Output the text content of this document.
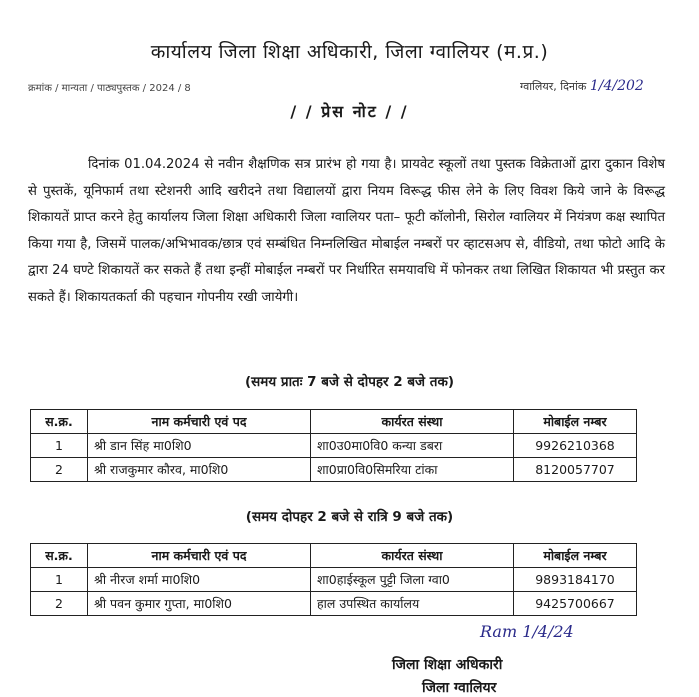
कार्यालय जिला शिक्षा अधिकारी, जिला ग्वालियर (म.प्र.)
क्रमांक / मान्यता / पाठ्यपुस्तक / 2024 / 8	ग्वालियर, दिनांक 1/4/202
/ / प्रेस नोट / /

दिनांक 01.04.2024 से नवीन शैक्षणिक सत्र प्रारंभ हो गया है। प्रायवेट स्कूलों तथा पुस्तक विक्रेताओं द्वारा दुकान विशेष से पुस्तकें, यूनिफार्म तथा स्टेशनरी आदि खरीदने तथा विद्यालयों द्वारा नियम विरूद्ध फीस लेने के लिए विवश किये जाने के विरूद्ध शिकायतें प्राप्त करने हेतु कार्यालय जिला शिक्षा अधिकारी जिला ग्वालियर पता– फूटी कॉलोनी, सिरोल ग्वालियर में नियंत्रण कक्ष स्थापित किया गया है, जिसमें पालक/अभिभावक/छात्र एवं सम्बंधित निम्नलिखित मोबाईल नम्बरों पर व्हाटसअप से, वीडियो, तथा फोटो आदि के द्वारा 24 घण्टे शिकायतें कर सकते हैं तथा इन्हीं मोबाईल नम्बरों पर निर्धारित समयावधि में फोनकर तथा लिखित शिकायत भी प्रस्तुत कर सकते हैं। शिकायतकर्ता की पहचान गोपनीय रखी जायेगी।

(समय प्रातः 7 बजे से दोपहर 2 बजे तक)
स.क्र.	नाम कर्मचारी एवं पद	कार्यरत संस्था	मोबाईल नम्बर
1	श्री डान सिंह मा0शि0	शा0उ0मा0वि0 कन्या डबरा	9926210368
2	श्री राजकुमार कौरव, मा0शि0	शा0प्रा0वि0सिमरिया टांका	8120057707
(समय दोपहर 2 बजे से रात्रि 9 बजे तक)
स.क्र.	नाम कर्मचारी एवं पद	कार्यरत संस्था	मोबाईल नम्बर
1	श्री नीरज शर्मा मा0शि0	शा0हाईस्कूल पुट्टी जिला ग्वा0	9893184170
2	श्री पवन कुमार गुप्ता, मा0शि0	हाल उपस्थित कार्यालय	9425700667
Ram 1/4/24
जिला शिक्षा अधिकारी
जिला ग्वालियर
